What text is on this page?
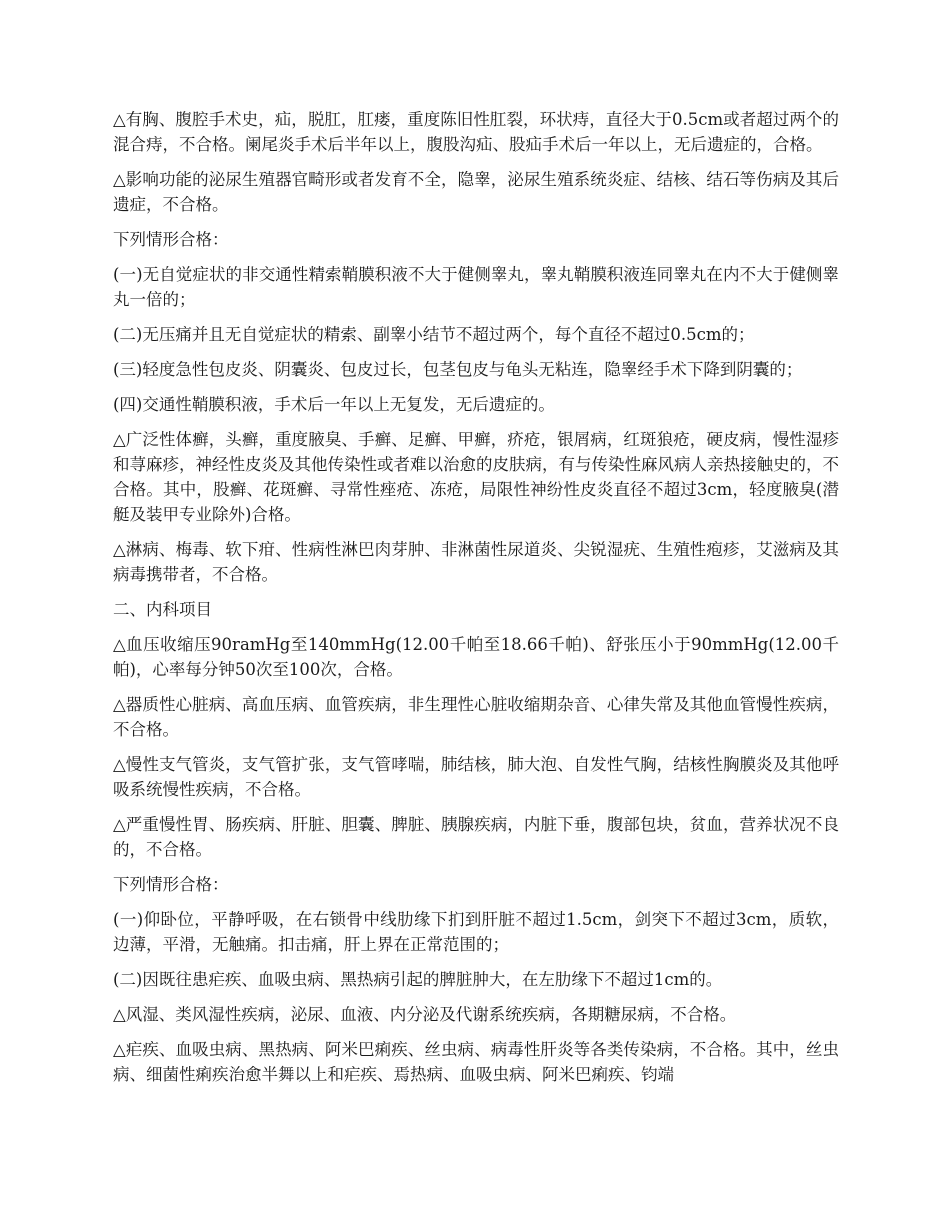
△有胸、腹腔手术史，疝，脱肛，肛瘘，重度陈旧性肛裂，环状痔，直径大于0.5cm或者超过两个的混合痔，不合格。阑尾炎手术后半年以上，腹股沟疝、股疝手术后一年以上，无后遗症的，合格。

△影响功能的泌尿生殖器官畸形或者发育不全，隐睾，泌尿生殖系统炎症、结核、结石等伤病及其后遗症，不合格。

下列情形合格：

(一)无自觉症状的非交通性精索鞘膜积液不大于健侧睾丸，睾丸鞘膜积液连同睾丸在内不大于健侧睾丸一倍的；

(二)无压痛并且无自觉症状的精索、副睾小结节不超过两个，每个直径不超过0.5cm的；

(三)轻度急性包皮炎、阴囊炎、包皮过长，包茎包皮与龟头无粘连，隐睾经手术下降到阴囊的；

(四)交通性鞘膜积液，手术后一年以上无复发，无后遗症的。

△广泛性体癣，头癣，重度腋臭、手癣、足癣、甲癣，疥疮，银屑病，红斑狼疮，硬皮病，慢性湿疹和荨麻疹，神经性皮炎及其他传染性或者难以治愈的皮肤病，有与传染性麻风病人亲热接触史的，不合格。其中，股癣、花斑癣、寻常性痤疮、冻疮，局限性神纷性皮炎直径不超过3cm，轻度腋臭(潜艇及装甲专业除外)合格。

△淋病、梅毒、软下疳、性病性淋巴肉芽肿、非淋菌性尿道炎、尖锐湿疣、生殖性疱疹，艾滋病及其病毒携带者，不合格。

二、内科项目

△血压收缩压90ramHg至140mmHg(12.00千帕至18.66千帕)、舒张压小于90mmHg(12.00千帕)，心率每分钟50次至100次，合格。

△器质性心脏病、高血压病、血管疾病，非生理性心脏收缩期杂音、心律失常及其他血管慢性疾病，不合格。

△慢性支气管炎，支气管扩张，支气管哮喘，肺结核，肺大泡、自发性气胸，结核性胸膜炎及其他呼吸系统慢性疾病，不合格。

△严重慢性胃、肠疾病、肝脏、胆囊、脾脏、胰腺疾病，内脏下垂，腹部包块，贫血，营养状况不良的，不合格。

下列情形合格：

(一)仰卧位，平静呼吸，在右锁骨中线肋缘下扪到肝脏不超过1.5cm，剑突下不超过3cm，质软，边薄，平滑，无触痛。扣击痛，肝上界在正常范围的；

(二)因既往患疟疾、血吸虫病、黑热病引起的脾脏肿大，在左肋缘下不超过1cm的。

△风湿、类风湿性疾病，泌尿、血液、内分泌及代谢系统疾病，各期糖尿病，不合格。

△疟疾、血吸虫病、黑热病、阿米巴痢疾、丝虫病、病毒性肝炎等各类传染病，不合格。其中，丝虫病、细菌性痢疾治愈半舞以上和疟疾、焉热病、血吸虫病、阿米巴痢疾、钧端
